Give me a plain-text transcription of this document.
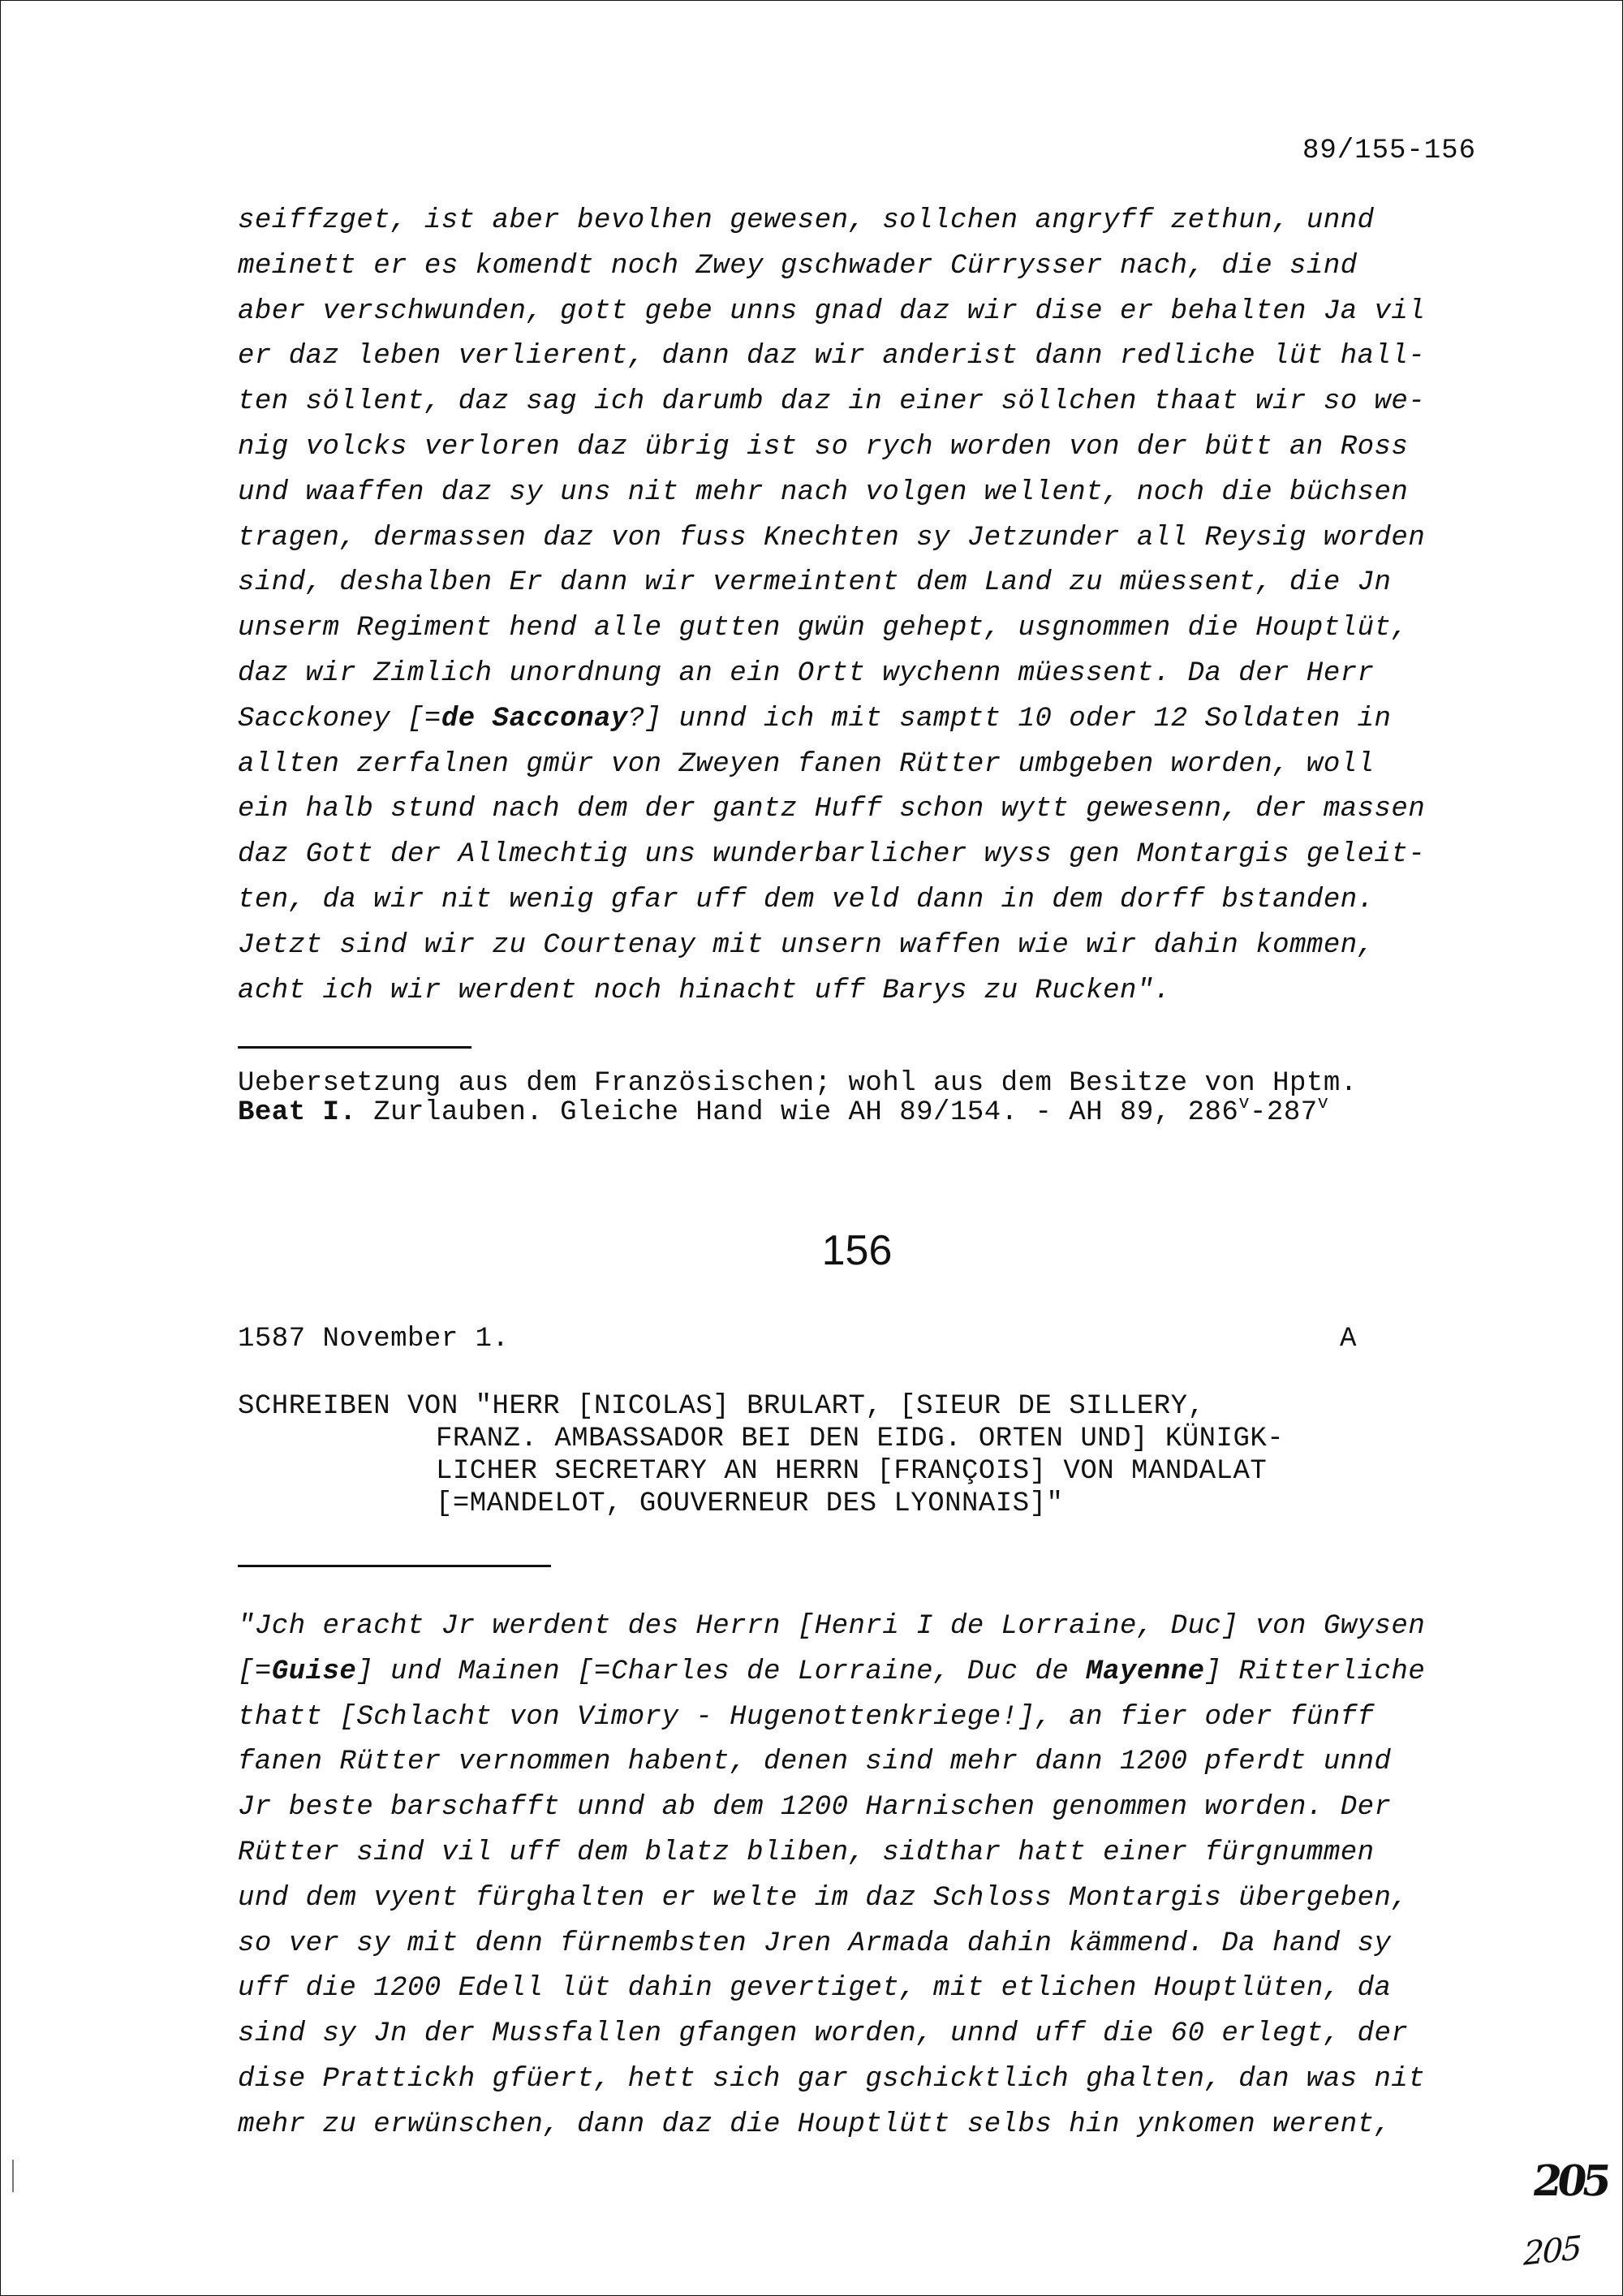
89/155-156
seiffzget, ist aber bevolhen gewesen, sollchen angryff zethun, unnd
meinett er es komendt noch Zwey gschwader Cürrysser nach, die sind
aber verschwunden, gott gebe unns gnad daz wir dise er behalten Ja vil
er daz leben verlierent, dann daz wir anderist dann redliche lüt hall-
ten söllent, daz sag ich darumb daz in einer söllchen thaat wir so we-
nig volcks verloren daz übrig ist so rych worden von der bütt an Ross
und waaffen daz sy uns nit mehr nach volgen wellent, noch die büchsen
tragen, dermassen daz von fuss Knechten sy Jetzunder all Reysig worden
sind, deshalben Er dann wir vermeintent dem Land zu müessent, die Jn
unserm Regiment hend alle gutten gwün gehept, usgnommen die Houptlüt,
daz wir Zimlich unordnung an ein Ortt wychenn müessent. Da der Herr
Sacckoney [=de Sacconay?] unnd ich mit samptt 10 oder 12 Soldaten in
allten zerfalnen gmür von Zweyen fanen Rütter umbgeben worden, woll
ein halb stund nach dem der gantz Huff schon wytt gewesenn, der massen
daz Gott der Allmechtig uns wunderbarlicher wyss gen Montargis geleit-
ten, da wir nit wenig gfar uff dem veld dann in dem dorff bstanden.
Jetzt sind wir zu Courtenay mit unsern waffen wie wir dahin kommen,
acht ich wir werdent noch hinacht uff Barys zu Rucken".
Uebersetzung aus dem Französischen; wohl aus dem Besitze von Hptm.
Beat I. Zurlauben. Gleiche Hand wie AH 89/154. - AH 89, 286$^v$-287$^v$
156
1587 November 1.	A
SCHREIBEN VON "HERR [NICOLAS] BRULART, [SIEUR DE SILLERY,
FRANZ. AMBASSADOR BEI DEN EIDG. ORTEN UND] KÜNIGK-
LICHER SECRETARY AN HERRN [FRANÇOIS] VON MANDALAT
[=MANDELOT, GOUVERNEUR DES LYONNAIS]"
"Jch eracht Jr werdent des Herrn [Henri I de Lorraine, Duc] von Gwysen
[=Guise] und Mainen [=Charles de Lorraine, Duc de Mayenne] Ritterliche
thatt [Schlacht von Vimory - Hugenottenkriege!], an fier oder fünff
fanen Rütter vernommen habent, denen sind mehr dann 1200 pferdt unnd
Jr beste barschafft unnd ab dem 1200 Harnischen genommen worden. Der
Rütter sind vil uff dem blatz bliben, sidthar hatt einer fürgnummen
und dem vyent fürghalten er welte im daz Schloss Montargis übergeben,
so ver sy mit denn fürnembsten Jren Armada dahin kämmend. Da hand sy
uff die 1200 Edell lüt dahin gevertiget, mit etlichen Houptlüten, da
sind sy Jn der Mussfallen gfangen worden, unnd uff die 60 erlegt, der
dise Prattickh gfüert, hett sich gar gschicktlich ghalten, dan was nit
mehr zu erwünschen, dann daz die Houptlütt selbs hin ynkomen werent,
205
205
